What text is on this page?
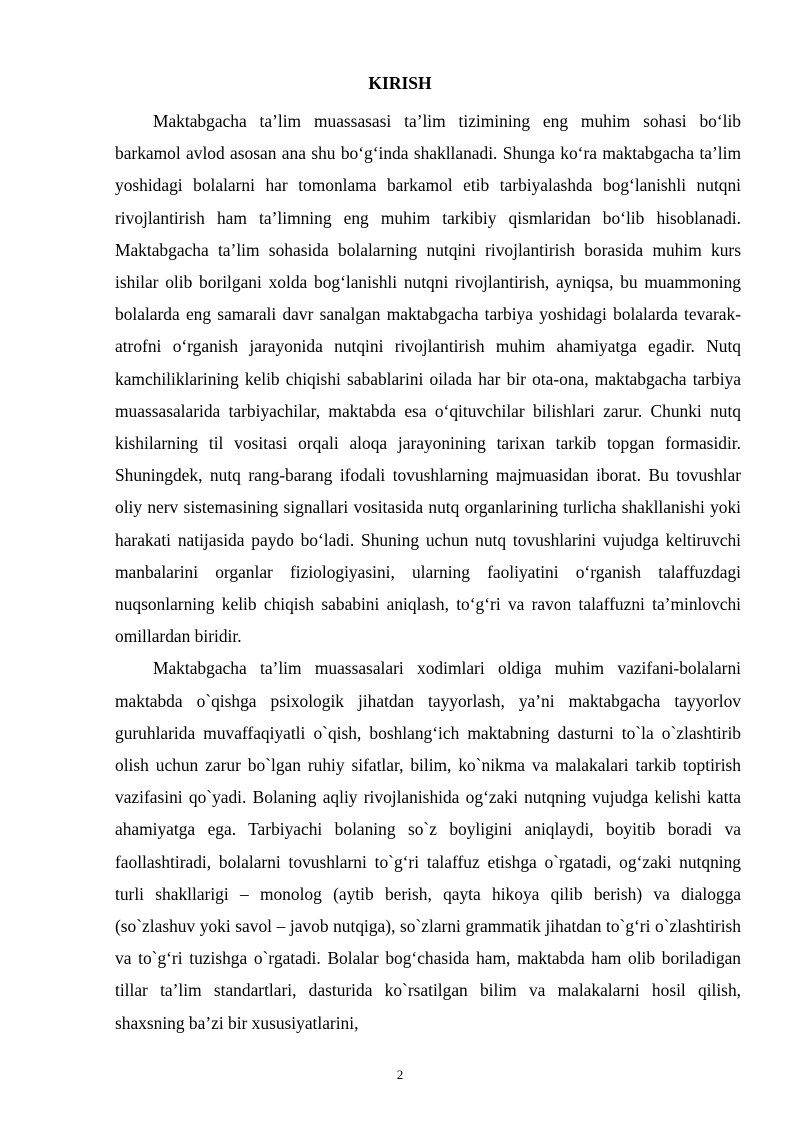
KIRISH

Maktabgacha ta’lim muassasasi ta’lim tizimining eng muhim sohasi bo‘lib barkamol avlod asosan ana shu bo‘g‘inda shakllanadi. Shunga ko‘ra maktabgacha ta’lim yoshidagi bolalarni har tomonlama barkamol etib tarbiyalashda bog‘lanishli nutqni rivojlantirish ham ta’limning eng muhim tarkibiy qismlaridan bo‘lib hisoblanadi. Maktabgacha ta’lim sohasida bolalarning nutqini rivojlantirish borasida muhim kurs ishilar olib borilgani xolda bog‘lanishli nutqni rivojlantirish, ayniqsa, bu muammoning bolalarda eng samarali davr sanalgan maktabgacha tarbiya yoshidagi bolalarda tevarak-atrofni o‘rganish jarayonida nutqini rivojlantirish muhim ahamiyatga egadir. Nutq kamchiliklarining kelib chiqishi sabablarini oilada har bir ota-ona, maktabgacha tarbiya muassasalarida tarbiyachilar, maktabda esa o‘qituvchilar bilishlari zarur. Chunki nutq kishilarning til vositasi orqali aloqa jarayonining tarixan tarkib topgan formasidir. Shuningdek, nutq rang-barang ifodali tovushlarning majmuasidan iborat. Bu tovushlar oliy nerv sistemasining signallari vositasida nutq organlarining turlicha shakllanishi yoki harakati natijasida paydo bo‘ladi. Shuning uchun nutq tovushlarini vujudga keltiruvchi manbalarini organlar fiziologiyasini, ularning faoliyatini o‘rganish talaffuzdagi nuqsonlarning kelib chiqish sababini aniqlash, to‘g‘ri va ravon talaffuzni ta’minlovchi omillardan biridir.

Maktabgacha ta’lim muassasalari xodimlari oldiga muhim vazifani-bolalarni maktabda o`qishga psixologik jihatdan tayyorlash, ya’ni maktabgacha tayyorlov guruhlarida muvaffaqiyatli o`qish, boshlang‘ich maktabning dasturni to`la o`zlashtirib olish uchun zarur bo`lgan ruhiy sifatlar, bilim, ko`nikma va malakalari tarkib toptirish vazifasini qo`yadi. Bolaning aqliy rivojlanishida og‘zaki nutqning vujudga kelishi katta ahamiyatga ega. Tarbiyachi bolaning so`z boyligini aniqlaydi, boyitib boradi va faollashtiradi, bolalarni tovushlarni to`g‘ri talaffuz etishga o`rgatadi, og‘zaki nutqning turli shakllarigi – monolog (aytib berish, qayta hikoya qilib berish) va dialogga (so`zlashuv yoki savol – javob nutqiga), so`zlarni grammatik jihatdan to`g‘ri o`zlashtirish va to`g‘ri tuzishga o`rgatadi. Bolalar bog‘chasida ham, maktabda ham olib boriladigan tillar ta’lim standartlari, dasturida ko`rsatilgan bilim va malakalarni hosil qilish, shaxsning ba’zi bir xususiyatlarini,

2
